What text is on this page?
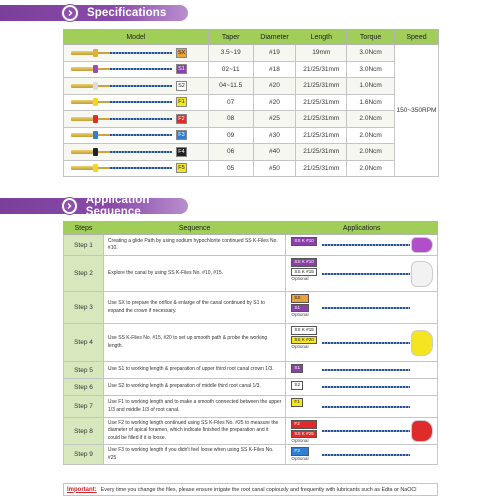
Specifications
Model	Taper	Diameter	Length	Torque	Speed

SX	3.5~19	#19	19mm	3.0Ncm	150~350RPM

S1	02~11	#18	21/25/31mm	3.0Ncm	

S2	04~11.5	#20	21/25/31mm	1.0Ncm	

F1	07	#20	21/25/31mm	1.6Ncm	

F2	08	#25	21/25/31mm	2.0Ncm	

F3	09	#30	21/25/31mm	2.0Ncm	

F4	06	#40	21/25/31mm	2.0Ncm	

F5	05	#50	21/25/31mm	2.0Ncm	
Application Sequence
Steps	Sequence	Applications
Step 1	Creating a glide Path by using sodium hypochlorite continued SS K-Files No. #10.	SS K #10

Step 2	Explore the canal by using SS K-Files No. #10, #15.	SS K #10
SS K #15
Optional

Step 3	Use SX to prepare the orifice & enlarge of the canal continued by S1 to expand the crown if necessary.	SX
S1
Optional

Step 4	Use SS K-Files No. #15, #20 to set up smooth path & probe the working length.	SS K #15
SS K #20
Optional

Step 5	Use S1 to working length & preparation of upper third root canal crown 1/3.	S1

Step 6	Use S2 to working length & preparation of middle third root canal 1/3.	S2

Step 7	Use F1 to working length and to make a smooth connected between the upper 1/3 and middle 1/3 of root canal.	F1

Step 8	Use F2 to working length continued using SS K-Files No. #25 to measure the diameter of apical foramen, which indicate finished the preparation and it could be filled if it is loose.	F2
SS K #25
Optional

Step 9	Use F3 to working length if you didn't feel loose when using SS K-Files No. #25	F3
Optional
Important: Every time you change the files, please ensure irrigate the root canal copiously and frequently with lubricants such as Edta or NaOCl
